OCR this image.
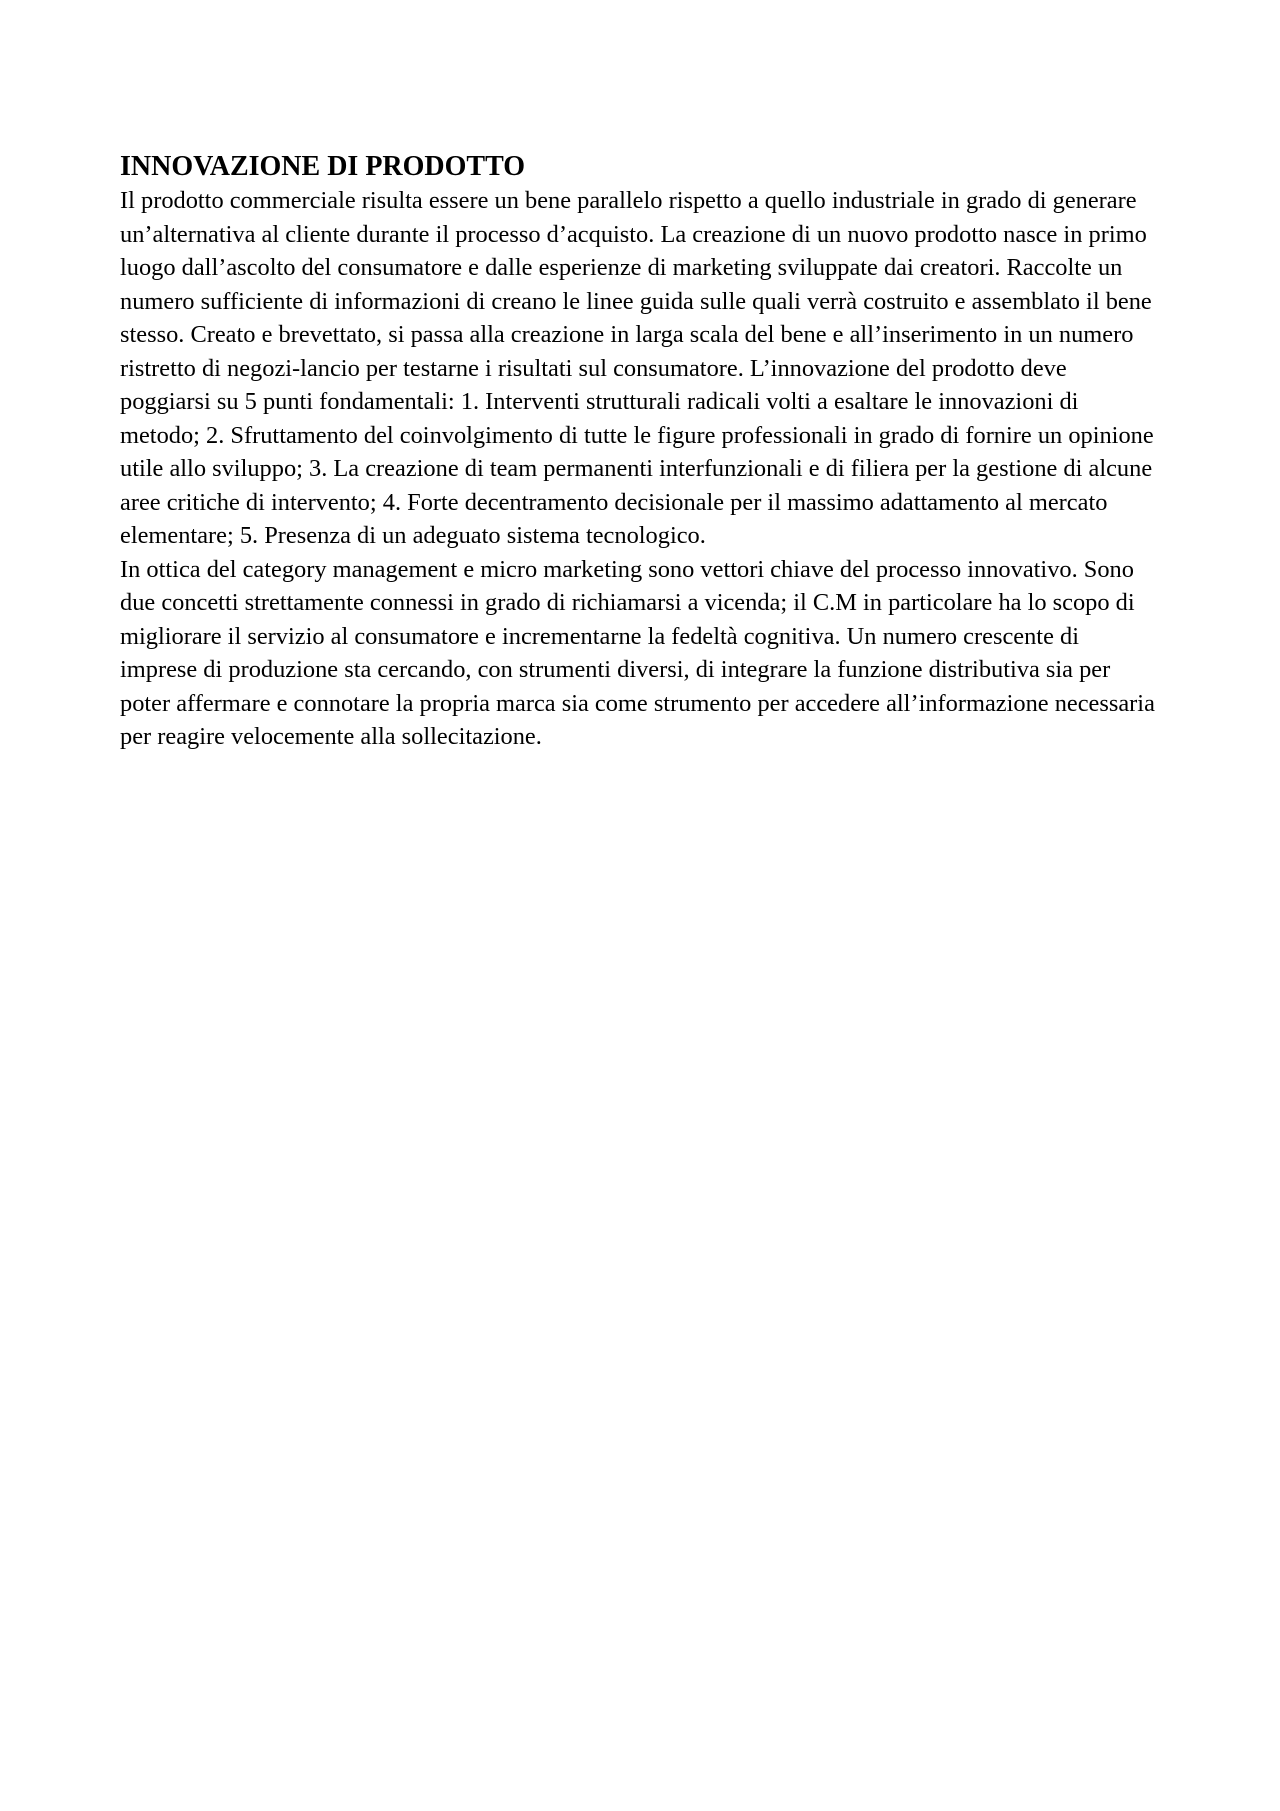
INNOVAZIONE DI PRODOTTO

Il prodotto commerciale risulta essere un bene parallelo rispetto a quello industriale in grado di generare un’alternativa al cliente durante il processo d’acquisto. La creazione di un nuovo prodotto nasce in primo luogo dall’ascolto del consumatore e dalle esperienze di marketing sviluppate dai creatori. Raccolte un numero sufficiente di informazioni di creano le linee guida sulle quali verrà costruito e assemblato il bene stesso. Creato e brevettato, si passa alla creazione in larga scala del bene e all’inserimento in un numero ristretto di negozi-lancio per testarne i risultati sul consumatore. L’innovazione del prodotto deve poggiarsi su 5 punti fondamentali: 1. Interventi strutturali radicali volti a esaltare le innovazioni di metodo; 2. Sfruttamento del coinvolgimento di tutte le figure professionali in grado di fornire un opinione utile allo sviluppo; 3. La creazione di team permanenti interfunzionali e di filiera per la gestione di alcune aree critiche di intervento; 4. Forte decentramento decisionale per il massimo adattamento al mercato elementare; 5. Presenza di un adeguato sistema tecnologico.

In ottica del category management e micro marketing sono vettori chiave del processo innovativo. Sono due concetti strettamente connessi in grado di richiamarsi a vicenda; il C.M in particolare ha lo scopo di migliorare il servizio al consumatore e incrementarne la fedeltà cognitiva. Un numero crescente di imprese di produzione sta cercando, con strumenti diversi, di integrare la funzione distributiva sia per poter affermare e connotare la propria marca sia come strumento per accedere all’informazione necessaria per reagire velocemente alla sollecitazione.
